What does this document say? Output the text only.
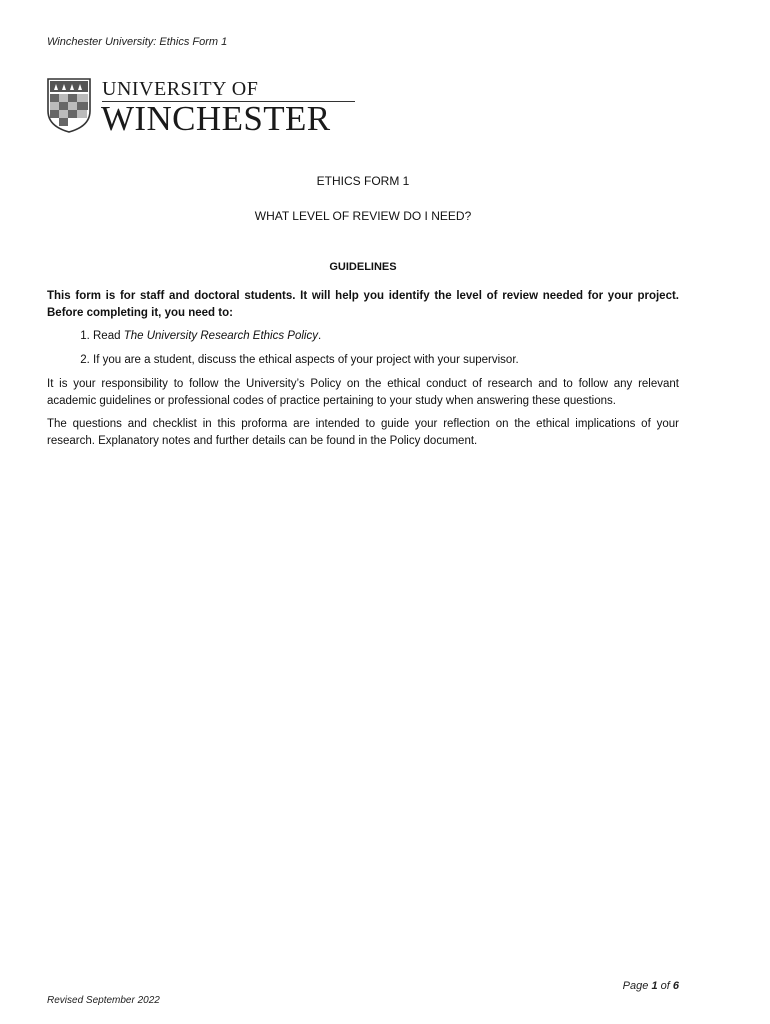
Winchester University: Ethics Form 1
UNIVERSITY OF
WINCHESTER
ETHICS FORM 1
WHAT LEVEL OF REVIEW DO I NEED?
GUIDELINES

This form is for staff and doctoral students. It will help you identify the level of review needed for your project. Before completing it, you need to:

1. Read The University Research Ethics Policy.
2. If you are a student, discuss the ethical aspects of your project with your supervisor.

It is your responsibility to follow the University’s Policy on the ethical conduct of research and to follow any relevant academic guidelines or professional codes of practice pertaining to your study when answering these questions.

The questions and checklist in this proforma are intended to guide your reflection on the ethical implications of your research. Explanatory notes and further details can be found in the Policy document.

Page 1 of 6
Revised September 2022
